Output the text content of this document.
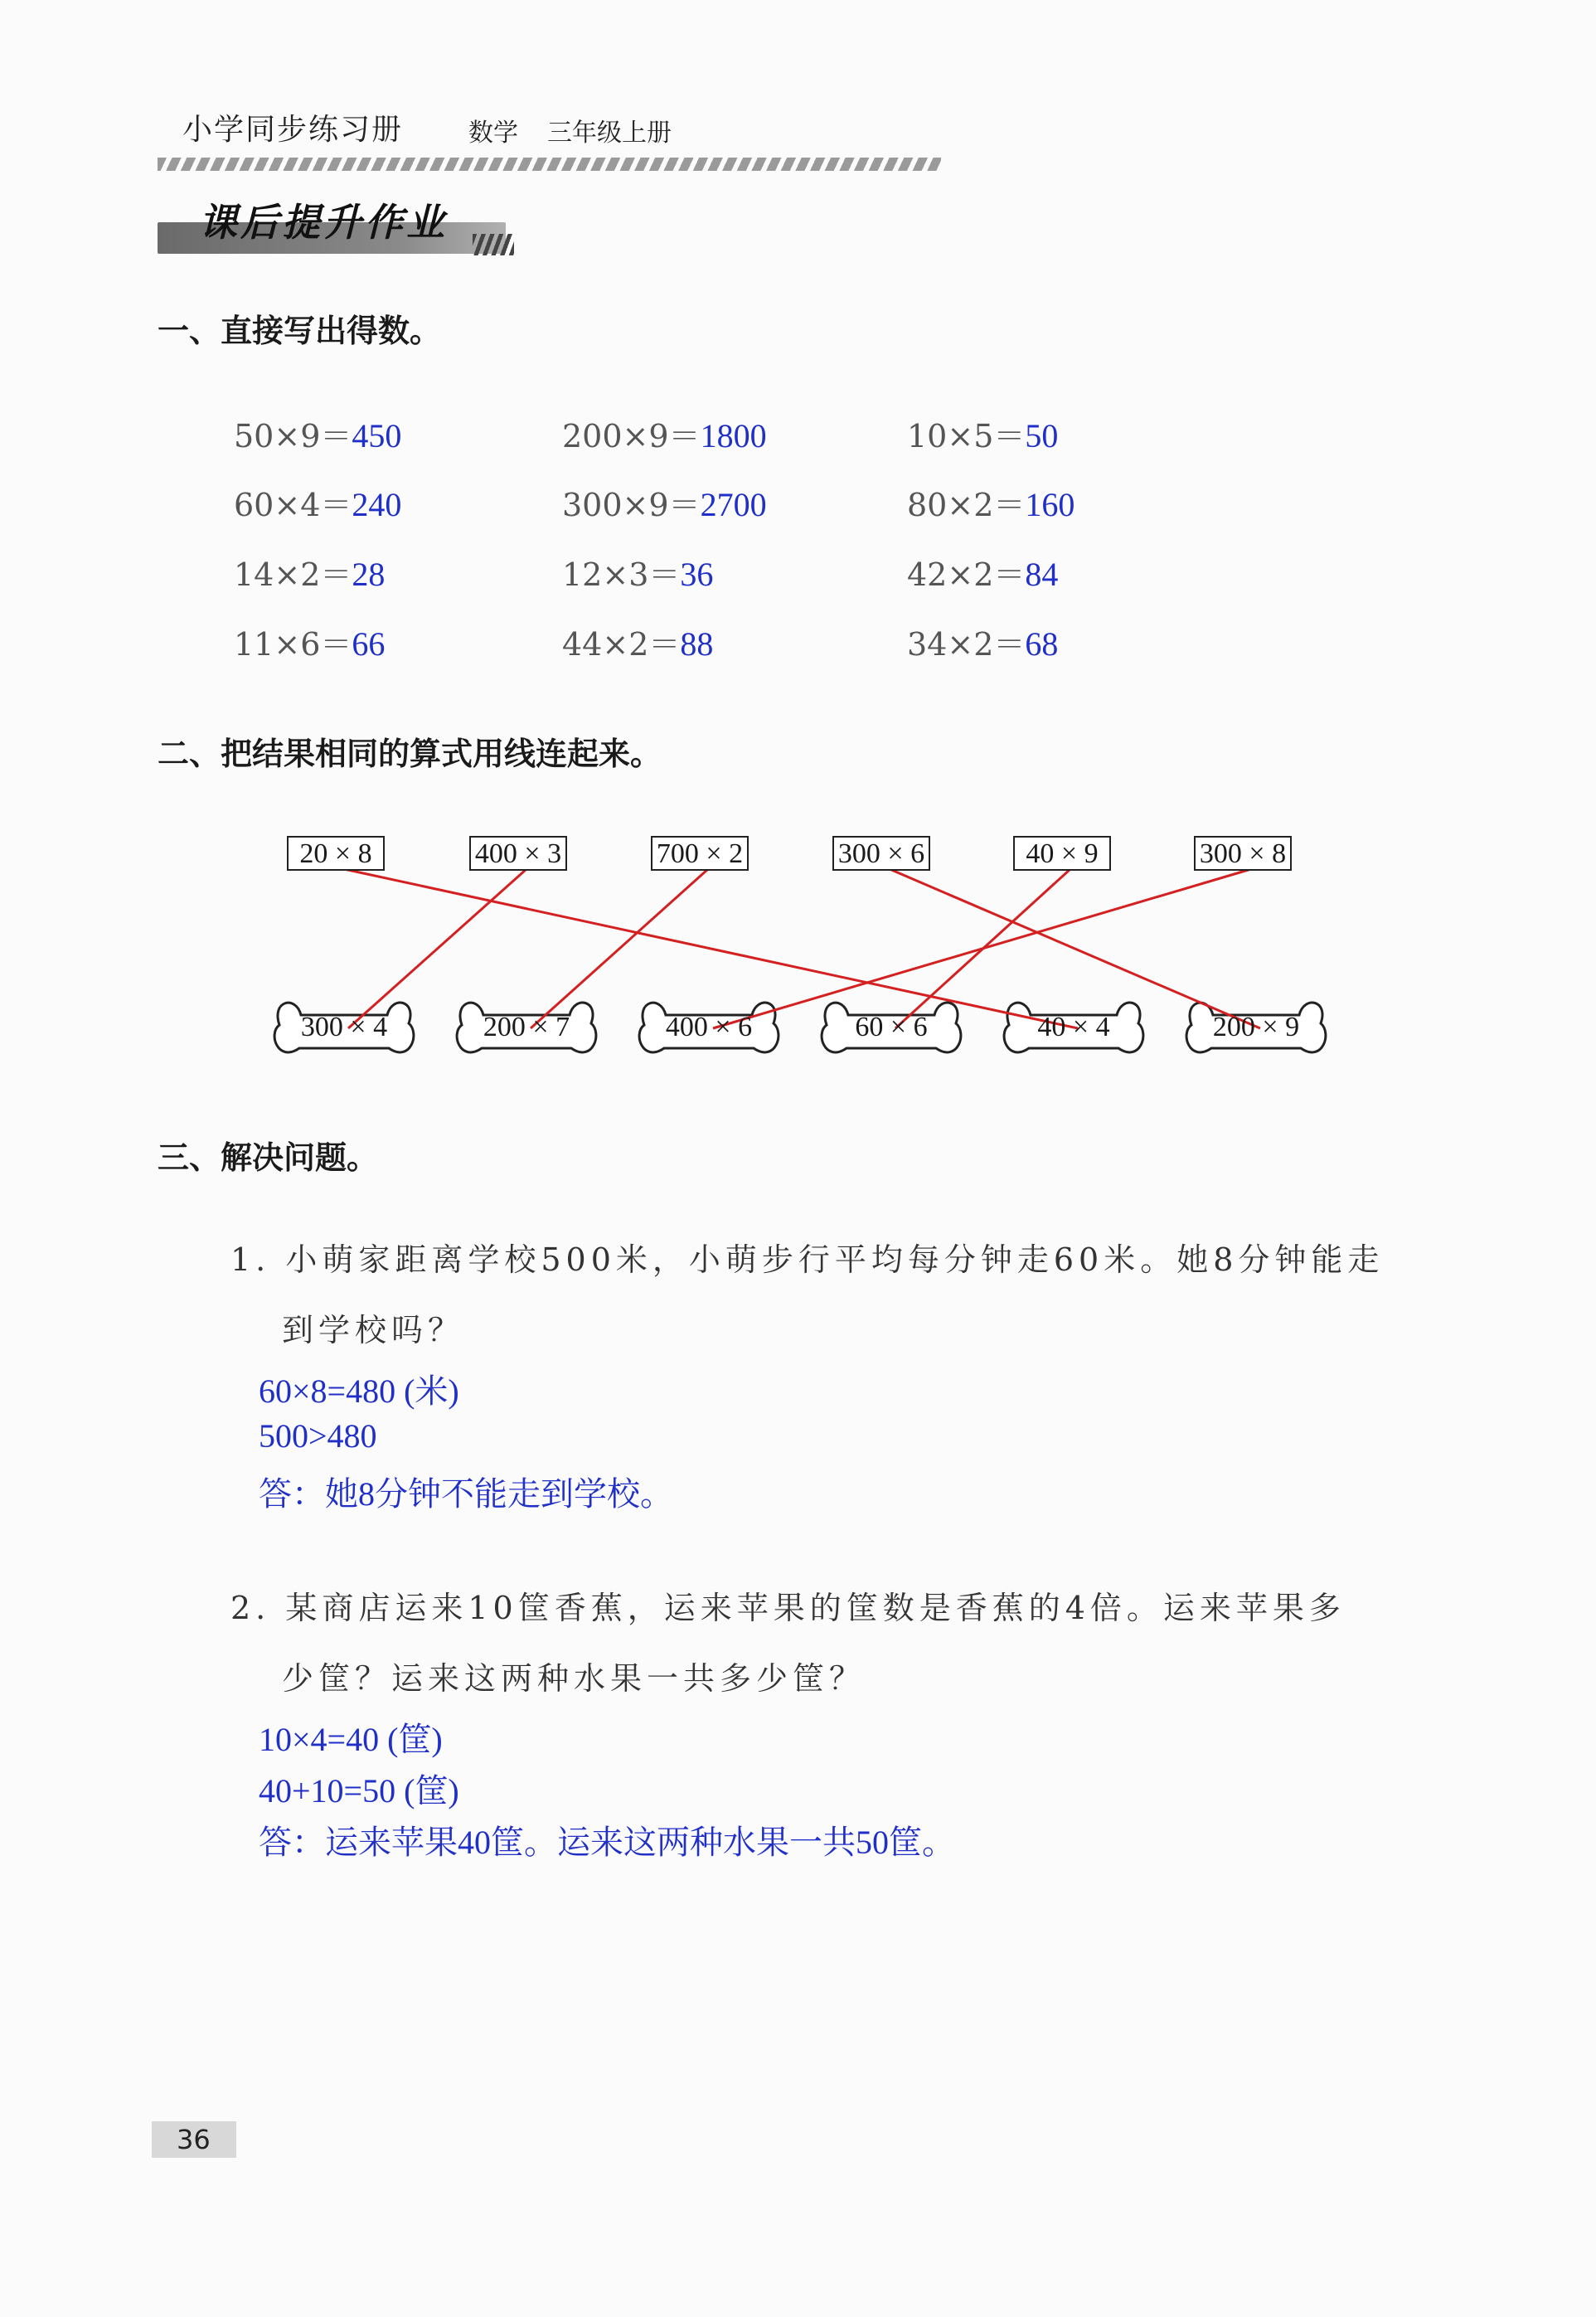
小学同步练习册	数学 三年级上册
课后提升作业
一、直接写出得数。
50×9＝450	200×9＝1800	10×5＝50
60×4＝240	300×9＝2700	80×2＝160
14×2＝28	12×3＝36	42×2＝84
11×6＝66	44×2＝88	34×2＝68
二、把结果相同的算式用线连起来。
300 × 4	200 × 7	400 × 6	60 × 6	40 × 4	200 × 9
20 × 8	400 × 3	700 × 2	300 × 6	40 × 9	300 × 8
三、解决问题。
1. 小萌家距离学校500米，小萌步行平均每分钟走60米。她8分钟能走
到学校吗？
60×8=480 (米)
500>480
答：她8分钟不能走到学校。
2. 某商店运来10筐香蕉，运来苹果的筐数是香蕉的4倍。运来苹果多
少筐？运来这两种水果一共多少筐？
10×4=40 (筐)
40+10=50 (筐)
答：运来苹果40筐。运来这两种水果一共50筐。
36
